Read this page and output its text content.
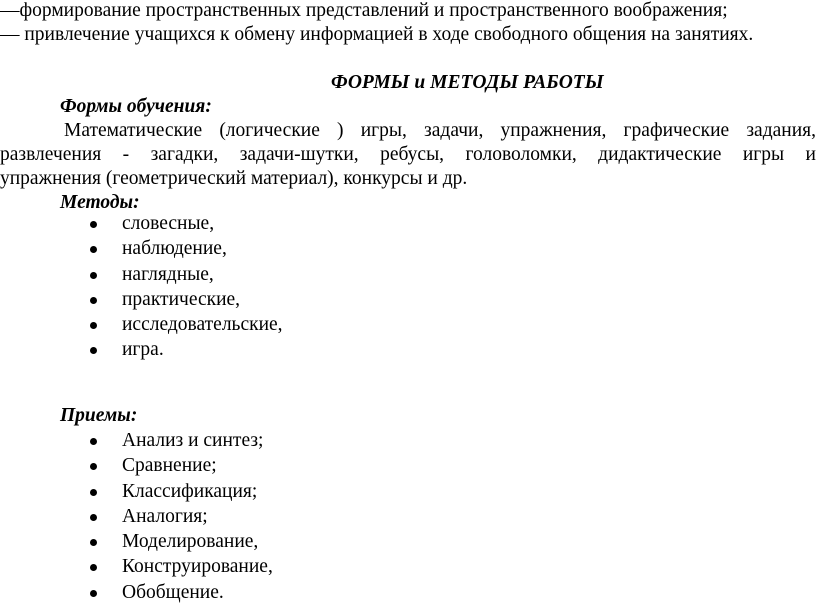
—формирование пространственных представлений и пространственного воображения;
— привлечение учащихся к обмену информацией в ходе свободного общения на занятиях.
ФОРМЫ и МЕТОДЫ РАБОТЫ
Формы обучения:
Математические (логические ) игры, задачи, упражнения, графические задания,
развлечения - загадки, задачи-шутки, ребусы, головоломки, дидактические игры и
упражнения (геометрический материал), конкурсы и др.
Методы:
словесные,
наблюдение,
наглядные,
практические,
исследовательские,
игра.
Приемы:
Анализ и синтез;
Сравнение;
Классификация;
Аналогия;
Моделирование,
Конструирование,
Обобщение.
